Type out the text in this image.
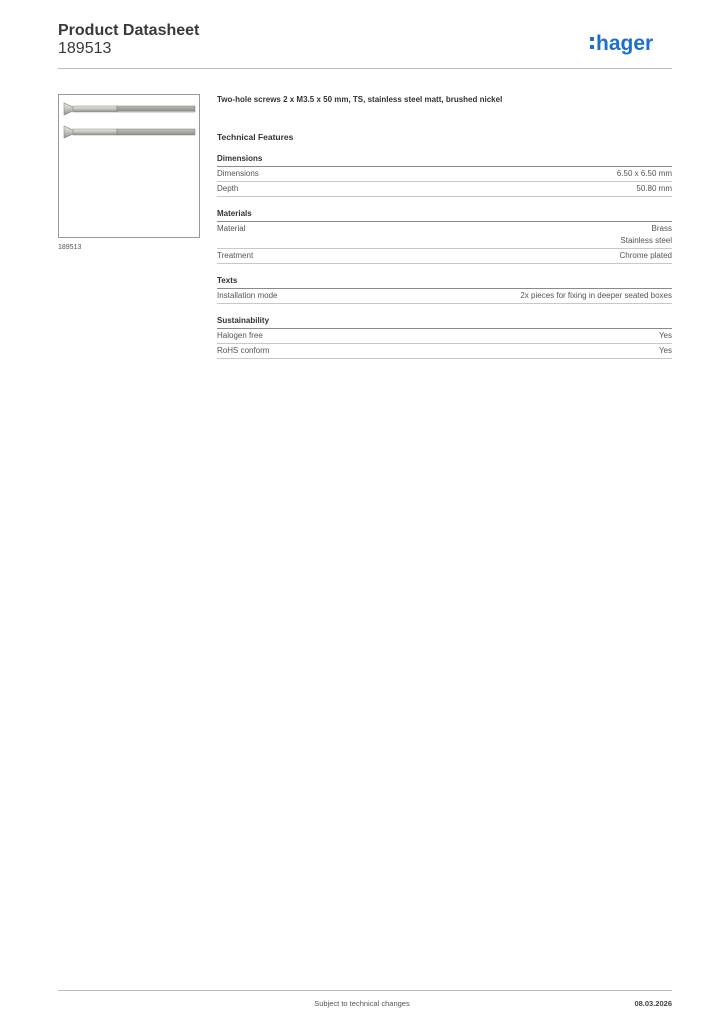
Product Datasheet
189513	hager
189513
Two-hole screws 2 x M3.5 x 50 mm, TS, stainless steel matt, brushed nickel
Technical Features
Dimensions
Dimensions	6.50 x 6.50 mm
Depth	50.80 mm
Materials
Material	Brass
Stainless steel
Treatment	Chrome plated
Texts
Installation mode	2x pieces for fixing in deeper seated boxes
Sustainability
Halogen free	Yes
RoHS conform	Yes
Subject to technical changes	08.03.2026
